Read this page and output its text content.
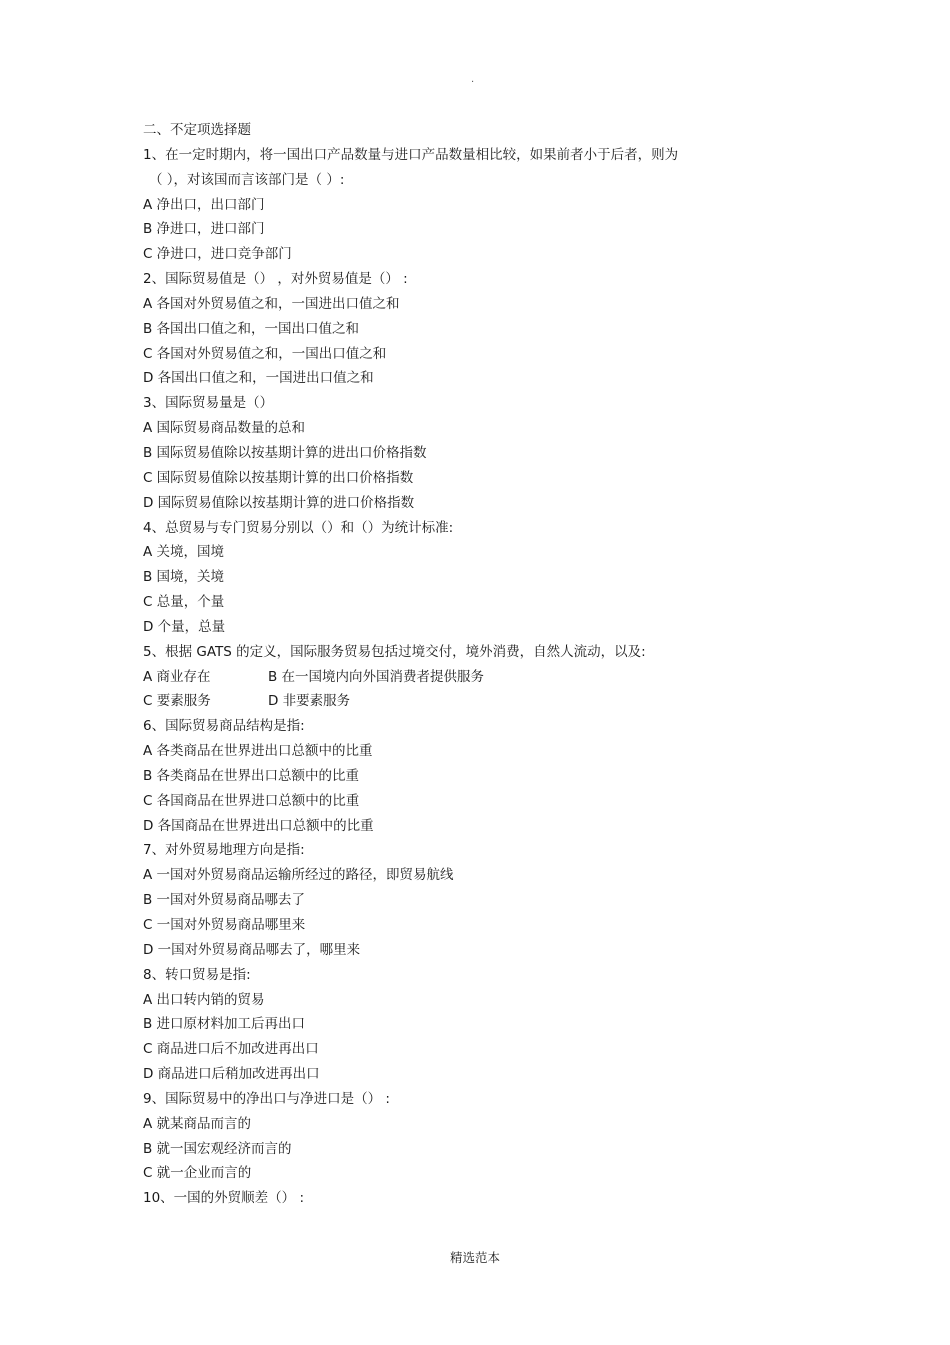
.
二、不定项选择题
1、在一定时期内，将一国出口产品数量与进口产品数量相比较，如果前者小于后者，则为
（ ），对该国而言该部门是（ ）:
A 净出口，出口部门
B 净进口，进口部门
C 净进口，进口竞争部门
2、国际贸易值是（） ，对外贸易值是（） :
A 各国对外贸易值之和，一国进出口值之和
B 各国出口值之和，一国出口值之和
C 各国对外贸易值之和，一国出口值之和
D 各国出口值之和，一国进出口值之和
3、国际贸易量是（）
A 国际贸易商品数量的总和
B 国际贸易值除以按基期计算的进出口价格指数
C 国际贸易值除以按基期计算的出口价格指数
D 国际贸易值除以按基期计算的进口价格指数
4、总贸易与专门贸易分别以（）和（）为统计标准:
A 关境，国境
B 国境，关境
C 总量，个量
D 个量，总量
5、根据 GATS 的定义，国际服务贸易包括过境交付，境外消费，自然人流动，以及:
A 商业存在	B 在一国境内向外国消费者提供服务
C 要素服务	D 非要素服务
6、国际贸易商品结构是指:
A 各类商品在世界进出口总额中的比重
B 各类商品在世界出口总额中的比重
C 各国商品在世界进口总额中的比重
D 各国商品在世界进出口总额中的比重
7、对外贸易地理方向是指:
A 一国对外贸易商品运输所经过的路径，即贸易航线
B 一国对外贸易商品哪去了
C 一国对外贸易商品哪里来
D 一国对外贸易商品哪去了，哪里来
8、转口贸易是指:
A 出口转内销的贸易
B 进口原材料加工后再出口
C 商品进口后不加改进再出口
D 商品进口后稍加改进再出口
9、国际贸易中的净出口与净进口是（） :
A 就某商品而言的
B 就一国宏观经济而言的
C 就一企业而言的
10、一国的外贸顺差（） :
精选范本
